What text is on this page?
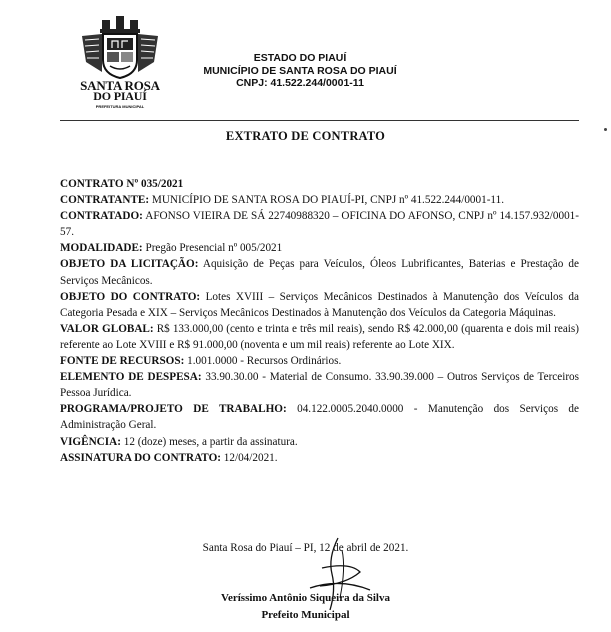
SANTA ROSA
DO PIAUÍ
PREFEITURA MUNICIPAL
ESTADO DO PIAUÍ
MUNICÍPIO DE SANTA ROSA DO PIAUÍ
CNPJ: 41.522.244/0001-11
EXTRATO DE CONTRATO

CONTRATO Nº 035/2021

CONTRATANTE: MUNICÍPIO DE SANTA ROSA DO PIAUÍ-PI, CNPJ nº 41.522.244/0001-11.

CONTRATADO: AFONSO VIEIRA DE SÁ 22740988320 – OFICINA DO AFONSO, CNPJ nº 14.157.932/0001-57.

MODALIDADE: Pregão Presencial nº 005/2021

OBJETO DA LICITAÇÃO: Aquisição de Peças para Veículos, Óleos Lubrificantes, Baterias e Prestação de Serviços Mecânicos.

OBJETO DO CONTRATO: Lotes XVIII – Serviços Mecânicos Destinados à Manutenção dos Veículos da Categoria Pesada e XIX – Serviços Mecânicos Destinados à Manutenção dos Veículos da Categoria Máquinas.

VALOR GLOBAL: R$ 133.000,00 (cento e trinta e três mil reais), sendo R$ 42.000,00 (quarenta e dois mil reais) referente ao Lote XVIII e R$ 91.000,00 (noventa e um mil reais) referente ao Lote XIX.

FONTE DE RECURSOS: 1.001.0000 - Recursos Ordinários.

ELEMENTO DE DESPESA: 33.90.30.00 - Material de Consumo. 33.90.39.000 – Outros Serviços de Terceiros Pessoa Jurídica.

PROGRAMA/PROJETO DE TRABALHO: 04.122.0005.2040.0000 - Manutenção dos Serviços de Administração Geral.

VIGÊNCIA: 12 (doze) meses, a partir da assinatura.

ASSINATURA DO CONTRATO: 12/04/2021.

Santa Rosa do Piauí – PI, 12 de abril de 2021.
Veríssimo Antônio Siqueira da Silva
Prefeito Municipal
